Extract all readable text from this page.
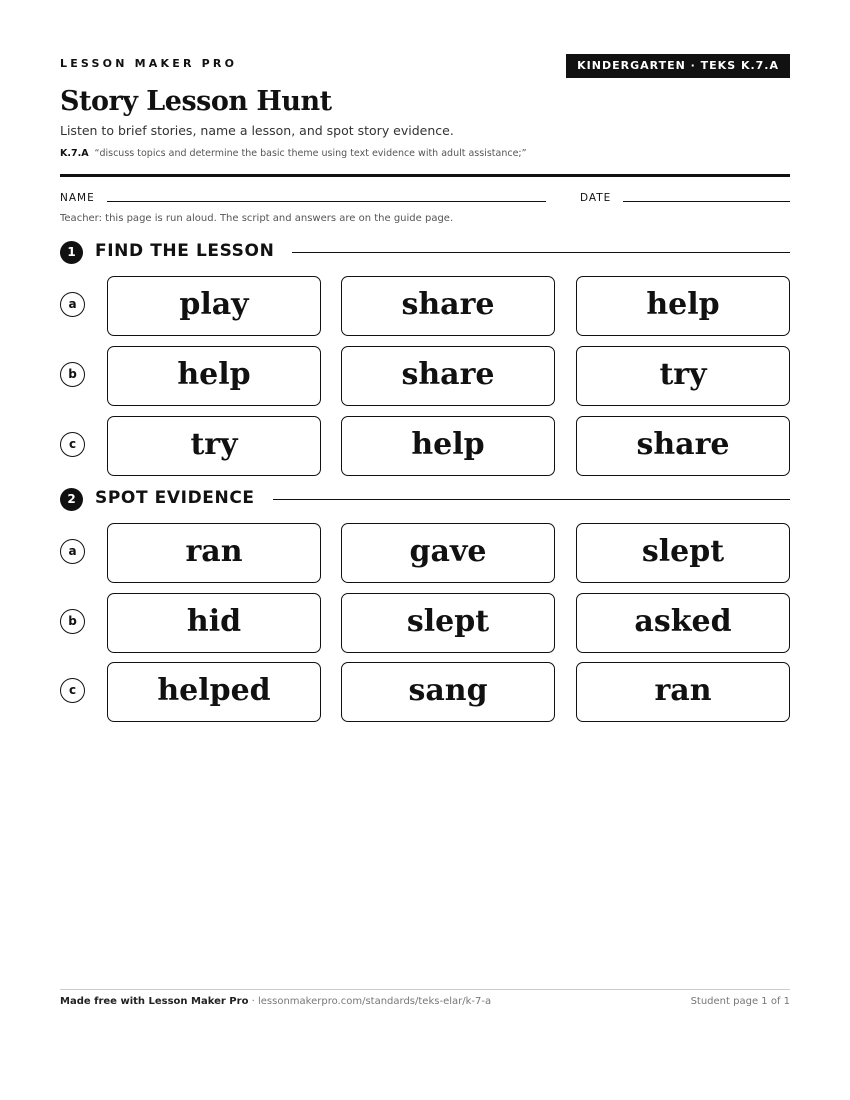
LESSON MAKER PRO	KINDERGARTEN · TEKS K.7.A
Story Lesson Hunt
Listen to brief stories, name a lesson, and spot story evidence.
K.7.A “discuss topics and determine the basic theme using text evidence with adult assistance;”
NAME	DATE
Teacher: this page is run aloud. The script and answers are on the guide page.
1	FIND THE LESSON
a	play	share	help
b	help	share	try
c	try	help	share
2	SPOT EVIDENCE
a	ran	gave	slept
b	hid	slept	asked
c	helped	sang	ran
Made free with Lesson Maker Pro · lessonmakerpro.com/standards/teks-elar/k-7-a	Student page 1 of 1
